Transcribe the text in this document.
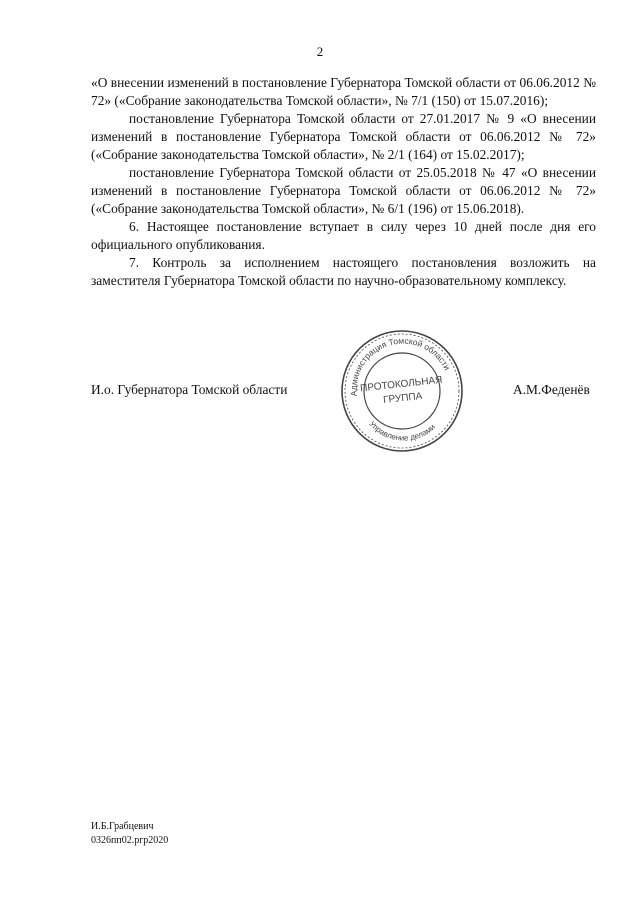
2

«О внесении изменений в постановление Губернатора Томской области от 06.06.2012 № 72» («Собрание законодательства Томской области», № 7/1 (150) от 15.07.2016);

постановление Губернатора Томской области от 27.01.2017 № 9 «О внесении изменений в постановление Губернатора Томской области от 06.06.2012 № 72» («Собрание законодательства Томской области», № 2/1 (164) от 15.02.2017);

постановление Губернатора Томской области от 25.05.2018 № 47 «О внесении изменений в постановление Губернатора Томской области от 06.06.2012 № 72» («Собрание законодательства Томской области», № 6/1 (196) от 15.06.2018).

6. Настоящее постановление вступает в силу через 10 дней после дня его официального опубликования.

7. Контроль за исполнением настоящего постановления возложить на заместителя Губернатора Томской области по научно-образовательному комплексу.

И.о. Губернатора Томской области	А.М.Феденёв
Администрация Томской области
Управление делами
ПРОТОКОЛЬНАЯ
ГРУППА
И.Б.Грабцевич
0326пп02.ргр2020
